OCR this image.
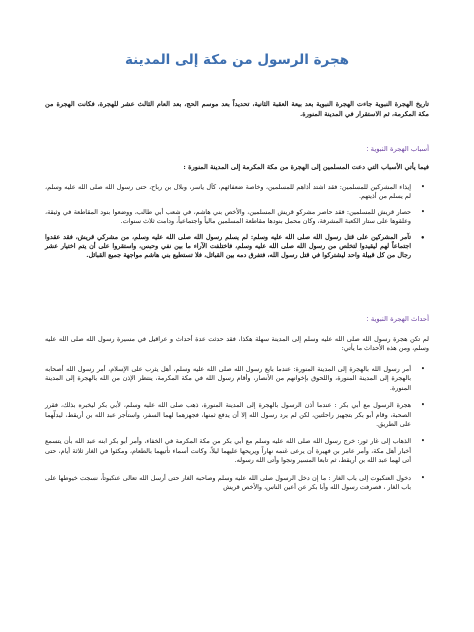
هجرة الرسول من مكة إلى المدينة
تاريخ الهجرة النبوية جاءت الهجرة النبوية بعد بيعة العقبة الثانية، تحديداً بعد موسم الحج، بعد العام الثالث عشر للهجرة، فكانت الهجرة من مكة المكرمة، ثم الاستقرار في المدينة المنورة.
أسباب الهجرة النبوية :
فيما يأتي الأسباب التي دعت المسلمين إلى الهجرة من مكة المكرمة إلى المدينة المنورة :
•
إيذاء المشركين للمسلمين: فقد اشتد أذاهم للمسلمين، وخاصة ضعفائهم، كآل ياسر، وبلال بن رباح، حتى رسول الله صلى الله عليه وسلم، لم يسلم من أذيتهم.
•
حصار قريش للمسلمين: فقد حاصر مشركو قريش المسلمين، والأخص بني هاشم، في شعب أبي طالب، ووضعوا بنود المقاطعة في وثيقة، وعلقوها على ستار الكعبة المشرفة، وكان محمل بنودها مقاطعة المسلمين مالياً واجتماعياً، ودامت ثلاث سنوات.
•
تآمر المشركين على قتل رسول الله صلى الله عليه وسلم: لم يسلم رسول الله صلى الله عليه وسلم، من مشركي قريش، فقد عقدوا اجتماعاً لهم ليقيدوا لتخلص من رسول الله صلى الله عليه وسلم، فاختلفت الآراء ما بين نفي وحبس، واستقروا على أن يتم اختيار عشر رجال من كل قبيلة واحد ليشتركوا في قتل رسول الله، فتفرق دمه بين القبائل، فلا تستطيع بني هاشم مواجهة جميع القبائل.
أحداث الهجرة النبوية :
لم تكن هجرة رسول الله صلى الله عليه وسلم إلى المدينة سهلة هكذا، فقد حدثت عدة أحداث و عراقيل في مسيرة رسول الله صلى الله عليه وسلم، ومن هذه الأحداث ما يأتي:
•
أمر رسول الله بالهجرة إلى المدينة المنورة: عندما بايع رسول الله صلى الله عليه وسلم، أهل يثرب على الإسلام، أمر رسول الله أصحابه بالهجرة إلى المدينة المنورة، واللحوق بإخوانهم من الأنصار، وأقام رسول الله في مكة المكرمة، ينتظر الإذن من الله بالهجرة إلى المدينة المنورة.
•
هجرة الرسول مع أبي بكر : عندما أذن الرسول بالهجرة إلى المدينة المنورة، ذهب صلى الله عليه وسلم، لأبي بكر ليخبره بذلك، فقرر الصحبة، وقام أبو بكر بتجهيز راحلتين، لكن لم يرد رسول الله إلا أن يدفع ثمنها، فجهزهما لهما السفر، واستأجر عبد الله بن أريقط، ليدلّهما على الطريق.
•
الذهاب إلى غار ثور: خرج رسول الله صلى الله عليه وسلم مع أبي بكر من مكة المكرمة في الخفاء، وأمر أبو بكر ابنه عبد الله بأن يتسمع أخبار أهل مكة، وأمر عامر بن فهيرة أن يرعى غنمه نهاراً ويريحها عليهما ليلاً، وكانت أسماء تأتيهما بالطعام، ومكثوا في الغار ثلاثة أيام، حتى أتى لهما عبد الله بن أريقط، ثم تابعا المسير ونجوا وأتى الله رسوله.
•
دخول العنكبوت إلى باب الغار : ما إن دخل الرسول صلى الله عليه وسلم وصاحبه الغار حتى أرسل الله تعالى عنكبوتاً، نسجت خيوطها على باب الغار ، فصرفت رسول الله وأبا بكر عن أعين الناس، والأخص قريش
